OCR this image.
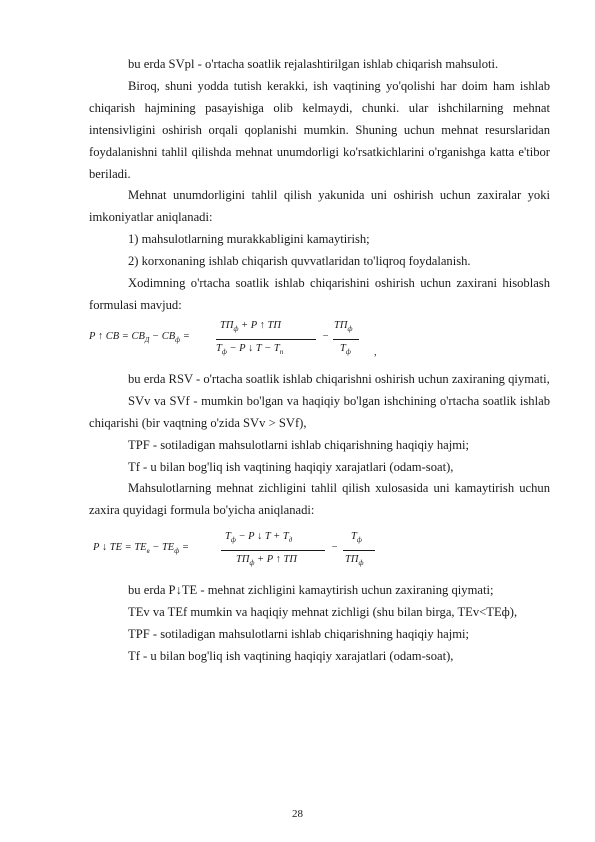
bu erda SVpl - o'rtacha soatlik rejalashtirilgan ishlab chiqarish mahsuloti.

Biroq, shuni yodda tutish kerakki, ish vaqtining yo'qolishi har doim ham ishlab chiqarish hajmining pasayishiga olib kelmaydi, chunki. ular ishchilarning mehnat intensivligini oshirish orqali qoplanishi mumkin. Shuning uchun mehnat resurslaridan foydalanishni tahlil qilishda mehnat unumdorligi ko'rsatkichlarini o'rganishga katta e'tibor beriladi.

Mehnat unumdorligini tahlil qilish yakunida uni oshirish uchun zaxiralar yoki imkoniyatlar aniqlanadi:

1) mahsulotlarning murakkabligini kamaytirish;

2) korxonaning ishlab chiqarish quvvatlaridan to'liqroq foydalanish.

Xodimning o'rtacha soatlik ishlab chiqarishini oshirish uchun zaxirani hisoblash formulasi mavjud:

P ↑ CB = $CB_Д - CB_ф$ =
$TП_ф + P$ ↑ TП
$T_ф - P$ ↓ $T - T_п$
−
$TП_ф$
$T_ф$ ,

bu erda RSV - o'rtacha soatlik ishlab chiqarishni oshirish uchun zaxiraning qiymati,

SVv va SVf - mumkin bo'lgan va haqiqiy bo'lgan ishchining o'rtacha soatlik ishlab chiqarishi (bir vaqtning o'zida SVv > SVf),

TPF - sotiladigan mahsulotlarni ishlab chiqarishning haqiqiy hajmi;

Tf - u bilan bog'liq ish vaqtining haqiqiy xarajatlari (odam-soat),

Mahsulotlarning mehnat zichligini tahlil qilish xulosasida uni kamaytirish uchun zaxira quyidagi formula bo'yicha aniqlanadi:

P ↓ TE = $TE_в - TE_ф$ =
$T_ф - P$ ↓ $T + T_д$
$TП_ф + P$ ↑ TП
−
$T_ф$
$TП_ф$

bu erda P↓TE - mehnat zichligini kamaytirish uchun zaxiraning qiymati;

TEv va TEf mumkin va haqiqiy mehnat zichligi (shu bilan birga, TEv<TEф),

TPF - sotiladigan mahsulotlarni ishlab chiqarishning haqiqiy hajmi;

Tf - u bilan bog'liq ish vaqtining haqiqiy xarajatlari (odam-soat),

28
